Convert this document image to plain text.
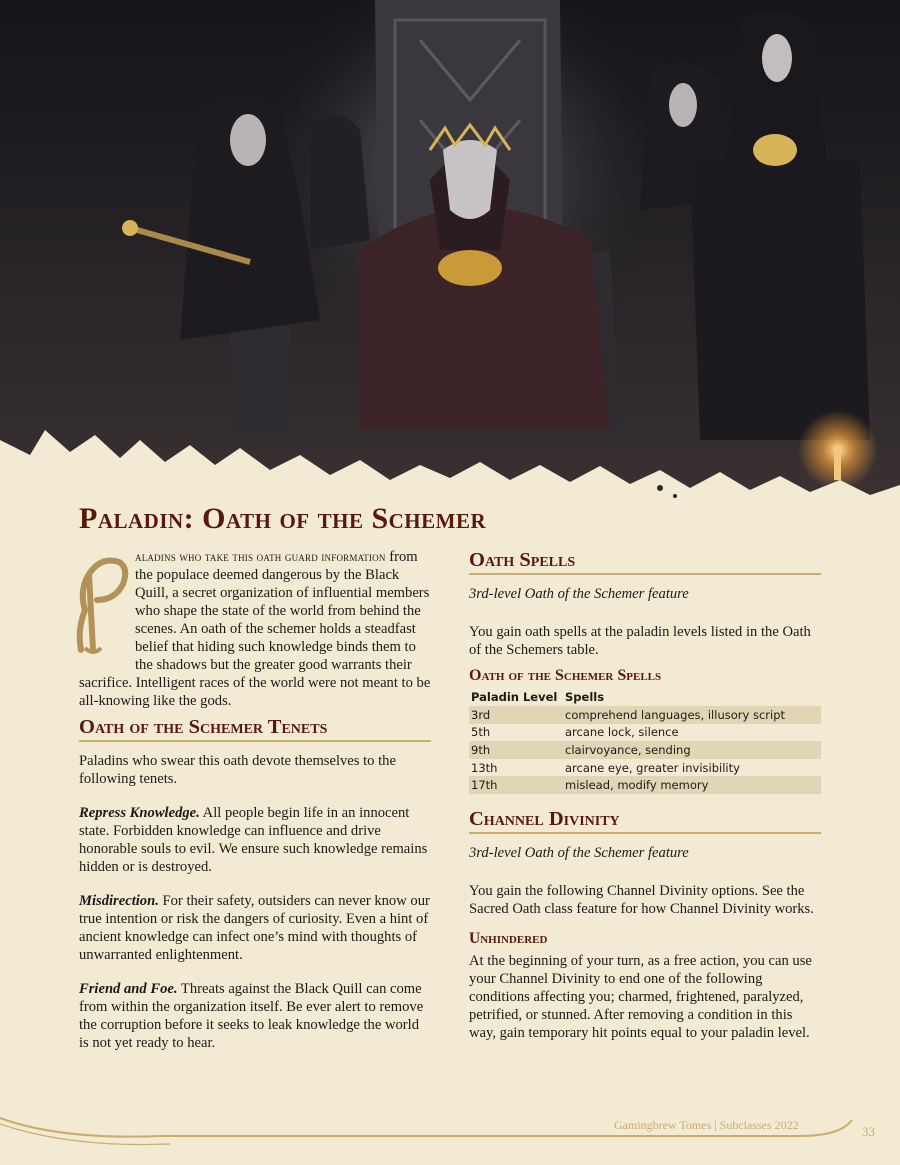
Paladin: Oath of the Schemer

aladins who take this oath guard information from the populace deemed dangerous by the Black Quill, a secret organization of influential members who shape the state of the world from behind the scenes. An oath of the schemer holds a steadfast belief that hiding such knowledge binds them to the shadows but the greater good warrants their sacrifice. Intelligent races of the world were not meant to be all-knowing like the gods.

Oath of the Schemer Tenets

Paladins who swear this oath devote themselves to the following tenets.

Repress Knowledge. All people begin life in an innocent state. Forbidden knowledge can influence and drive honorable souls to evil. We ensure such knowledge remains hidden or is destroyed.

Misdirection. For their safety, outsiders can never know our true intention or risk the dangers of curiosity. Even a hint of ancient knowledge can infect one’s mind with thoughts of unwarranted enlightenment.

Friend and Foe. Threats against the Black Quill can come from within the organization itself. Be ever alert to remove the corruption before it seeks to leak knowledge the world is not yet ready to hear.

Oath Spells

3rd-level Oath of the Schemer feature

You gain oath spells at the paladin levels listed in the Oath of the Schemers table.

Oath of the Schemer Spells
Paladin Level	Spells
3rd	comprehend languages, illusory script
5th	arcane lock, silence
9th	clairvoyance, sending
13th	arcane eye, greater invisibility
17th	mislead, modify memory
Channel Divinity

3rd-level Oath of the Schemer feature

You gain the following Channel Divinity options. See the Sacred Oath class feature for how Channel Divinity works.

Unhindered

At the beginning of your turn, as a free action, you can use your Channel Divinity to end one of the following conditions affecting you; charmed, frightened, paralyzed, petrified, or stunned. After removing a condition in this way, gain temporary hit points equal to your paladin level.

Gamingbrew Tomes | Subclasses 2022	33
